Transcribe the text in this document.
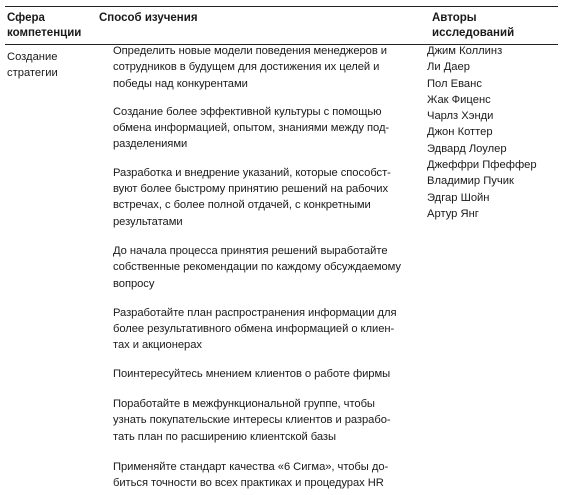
Сфера
компетенции
Способ изучения	Авторы
исследований
Создание
стратегии
Определить новые модели поведения менеджеров и
сотрудников в будущем для достижения их целей и
победы над конкурентами
Создание более эффективной культуры с помощью
обмена информацией, опытом, знаниями между под-
разделениями
Разработка и внедрение указаний, которые способст-
вуют более быстрому принятию решений на рабочих
встречах, с более полной отдачей, с конкретными
результатами
До начала процесса принятия решений выработайте
собственные рекомендации по каждому обсуждаемому
вопросу
Разработайте план распространения информации для
более результативного обмена информацией о клиен-
тах и акционерах
Поинтересуйтесь мнением клиентов о работе фирмы
Поработайте в межфункциональной группе, чтобы
узнать покупательские интересы клиентов и разрабо-
тать план по расширению клиентской базы
Применяйте стандарт качества «6 Сигма», чтобы до-
биться точности во всех практиках и процедурах HR
Джим Коллинз
Ли Даер
Пол Еванс
Жак Фиценс
Чарлз Хэнди
Джон Коттер
Эдвард Лоулер
Джеффри Пфеффер
Владимир Пучик
Эдгар Шойн
Артур Янг
